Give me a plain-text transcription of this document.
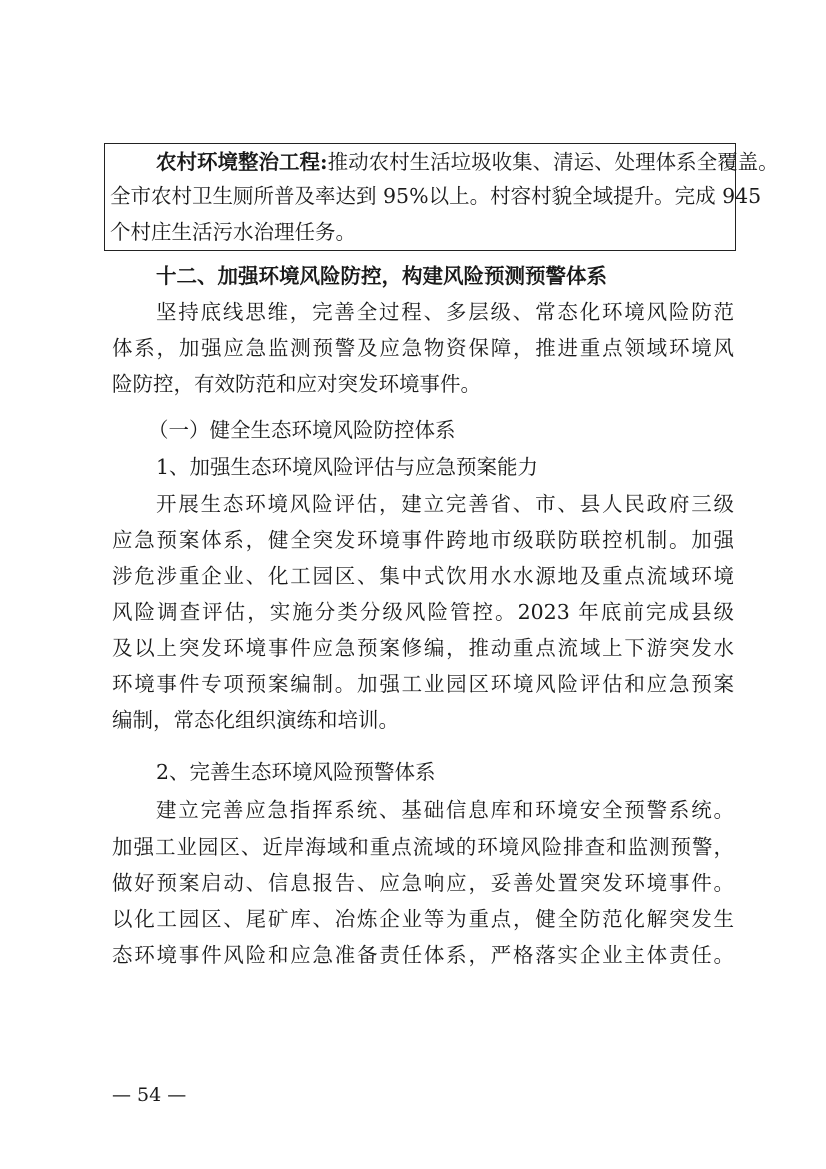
农村环境整治工程:推动农村生活垃圾收集、清运、处理体系全覆盖。
全市农村卫生厕所普及率达到 95%以上。村容村貌全域提升。完成 945
个村庄生活污水治理任务。
十二、加强环境风险防控，构建风险预测预警体系
坚持底线思维，完善全过程、多层级、常态化环境风险防范
体系，加强应急监测预警及应急物资保障，推进重点领域环境风
险防控，有效防范和应对突发环境事件。
（一）健全生态环境风险防控体系
1、加强生态环境风险评估与应急预案能力
开展生态环境风险评估，建立完善省、市、县人民政府三级
应急预案体系，健全突发环境事件跨地市级联防联控机制。加强
涉危涉重企业、化工园区、集中式饮用水水源地及重点流域环境
风险调查评估，实施分类分级风险管控。2023 年底前完成县级
及以上突发环境事件应急预案修编，推动重点流域上下游突发水
环境事件专项预案编制。加强工业园区环境风险评估和应急预案
编制，常态化组织演练和培训。
2、完善生态环境风险预警体系
建立完善应急指挥系统、基础信息库和环境安全预警系统。
加强工业园区、近岸海域和重点流域的环境风险排查和监测预警，
做好预案启动、信息报告、应急响应，妥善处置突发环境事件。
以化工园区、尾矿库、冶炼企业等为重点，健全防范化解突发生
态环境事件风险和应急准备责任体系，严格落实企业主体责任。
— 54 —
